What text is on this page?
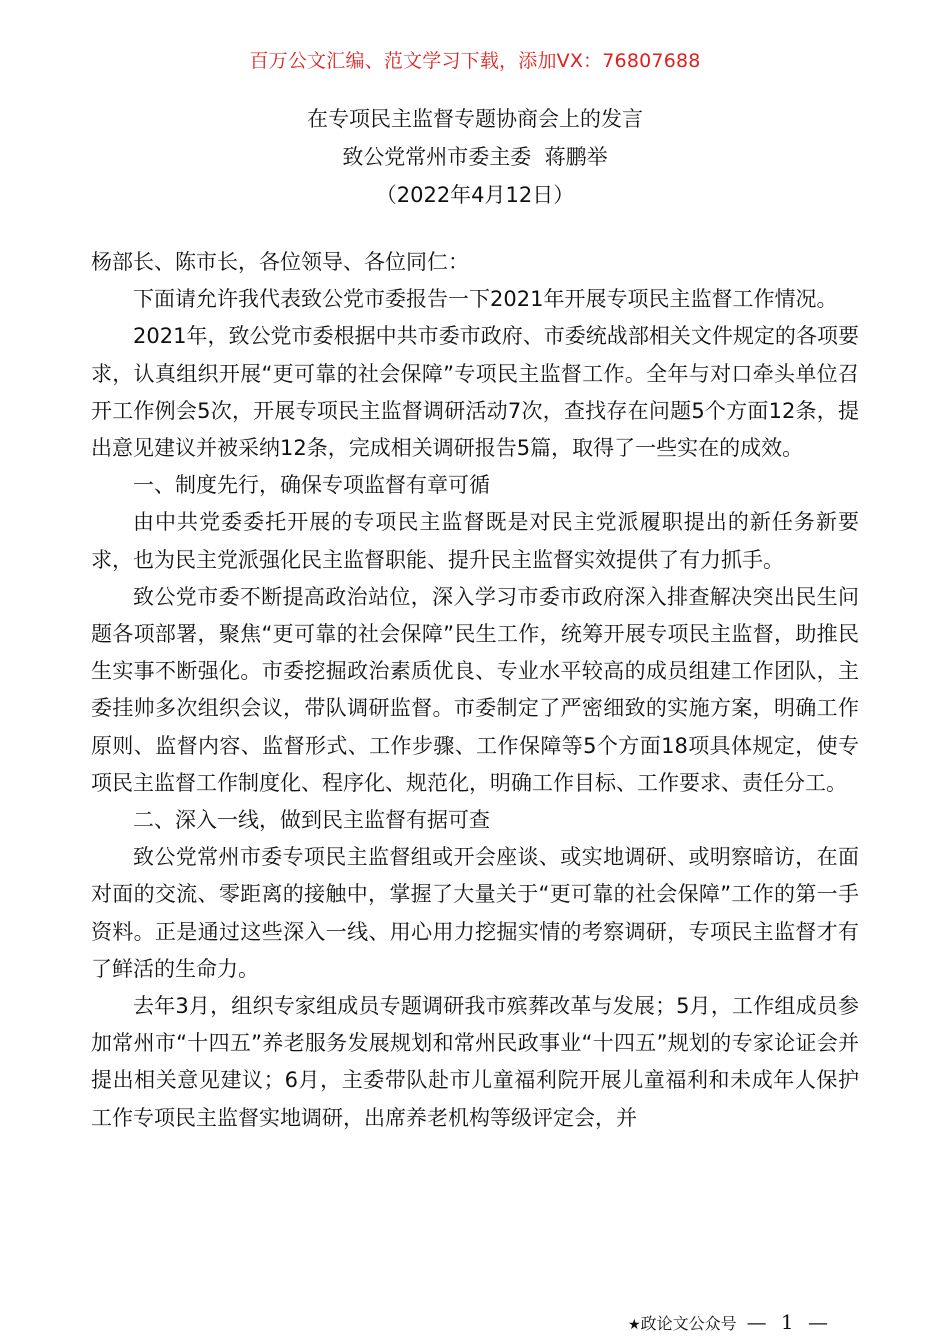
百万公文汇编、范文学习下载，添加VX：76807688
在专项民主监督专题协商会上的发言
致公党常州市委主委  蒋鹏举
（2022年4月12日）

杨部长、陈市长，各位领导、各位同仁：

下面请允许我代表致公党市委报告一下2021年开展专项民主监督工作情况。

2021年，致公党市委根据中共市委市政府、市委统战部相关文件规定的各项要求，认真组织开展“更可靠的社会保障”专项民主监督工作。全年与对口牵头单位召开工作例会5次，开展专项民主监督调研活动7次，查找存在问题5个方面12条，提出意见建议并被采纳12条，完成相关调研报告5篇，取得了一些实在的成效。

一、制度先行，确保专项监督有章可循

由中共党委委托开展的专项民主监督既是对民主党派履职提出的新任务新要求，也为民主党派强化民主监督职能、提升民主监督实效提供了有力抓手。

致公党市委不断提高政治站位，深入学习市委市政府深入排查解决突出民生问题各项部署，聚焦“更可靠的社会保障”民生工作，统筹开展专项民主监督，助推民生实事不断强化。市委挖掘政治素质优良、专业水平较高的成员组建工作团队，主委挂帅多次组织会议，带队调研监督。市委制定了严密细致的实施方案，明确工作原则、监督内容、监督形式、工作步骤、工作保障等5个方面18项具体规定，使专项民主监督工作制度化、程序化、规范化，明确工作目标、工作要求、责任分工。

二、深入一线，做到民主监督有据可查

致公党常州市委专项民主监督组或开会座谈、或实地调研、或明察暗访，在面对面的交流、零距离的接触中，掌握了大量关于“更可靠的社会保障”工作的第一手资料。正是通过这些深入一线、用心用力挖掘实情的考察调研，专项民主监督才有了鲜活的生命力。

去年3月，组织专家组成员专题调研我市殡葬改革与发展；5月，工作组成员参加常州市“十四五”养老服务发展规划和常州民政事业“十四五”规划的专家论证会并提出相关意见建议；6月，主委带队赴市儿童福利院开展儿童福利和未成年人保护工作专项民主监督实地调研，出席养老机构等级评定会，并

★政论文公众号 — 1 —
